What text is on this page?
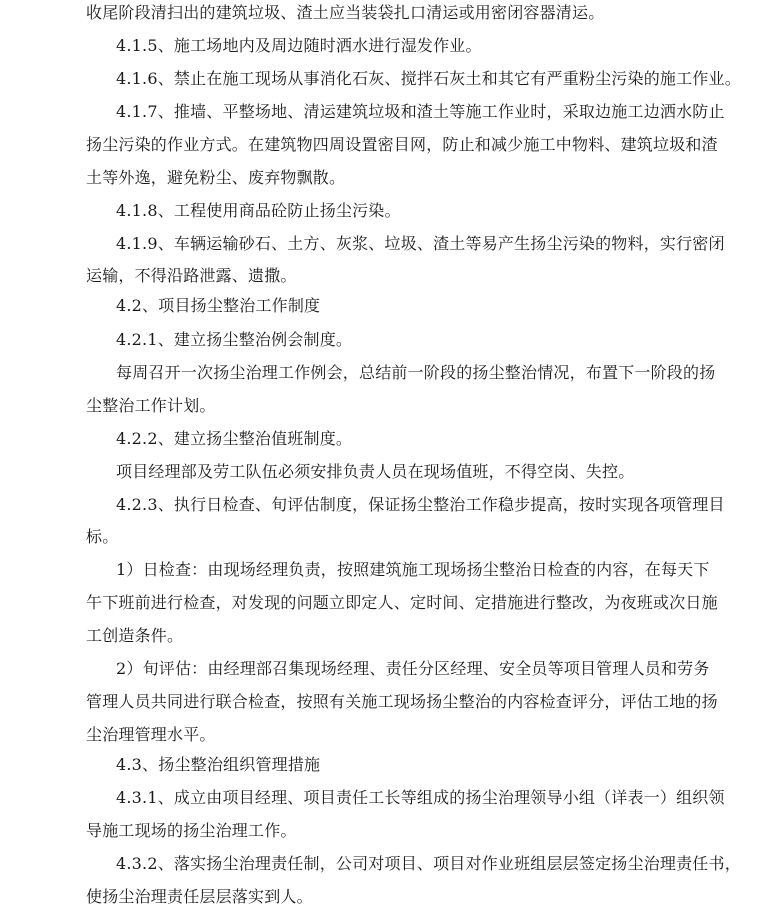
收尾阶段清扫出的建筑垃圾、渣土应当装袋扎口清运或用密闭容器清运。
4.1.5、施工场地内及周边随时洒水进行湿发作业。
4.1.6、禁止在施工现场从事消化石灰、搅拌石灰土和其它有严重粉尘污染的施工作业。
4.1.7、推墙、平整场地、清运建筑垃圾和渣土等施工作业时，采取边施工边洒水防止
扬尘污染的作业方式。在建筑物四周设置密目网，防止和减少施工中物料、建筑垃圾和渣
土等外逸，避免粉尘、废弃物飘散。
4.1.8、工程使用商品砼防止扬尘污染。
4.1.9、车辆运输砂石、土方、灰浆、垃圾、渣土等易产生扬尘污染的物料，实行密闭
运输，不得沿路泄露、遗撒。
4.2、项目扬尘整治工作制度
4.2.1、建立扬尘整治例会制度。
每周召开一次扬尘治理工作例会，总结前一阶段的扬尘整治情况，布置下一阶段的扬
尘整治工作计划。
4.2.2、建立扬尘整治值班制度。
项目经理部及劳工队伍必须安排负责人员在现场值班，不得空岗、失控。
4.2.3、执行日检查、旬评估制度，保证扬尘整治工作稳步提高，按时实现各项管理目
标。
1）日检查：由现场经理负责，按照建筑施工现场扬尘整治日检查的内容，在每天下
午下班前进行检查，对发现的问题立即定人、定时间、定措施进行整改，为夜班或次日施
工创造条件。
2）旬评估：由经理部召集现场经理、责任分区经理、安全员等项目管理人员和劳务
管理人员共同进行联合检查，按照有关施工现场扬尘整治的内容检查评分，评估工地的扬
尘治理管理水平。
4.3、扬尘整治组织管理措施
4.3.1、成立由项目经理、项目责任工长等组成的扬尘治理领导小组（详表一）组织领
导施工现场的扬尘治理工作。
4.3.2、落实扬尘治理责任制，公司对项目、项目对作业班组层层签定扬尘治理责任书，
使扬尘治理责任层层落实到人。
